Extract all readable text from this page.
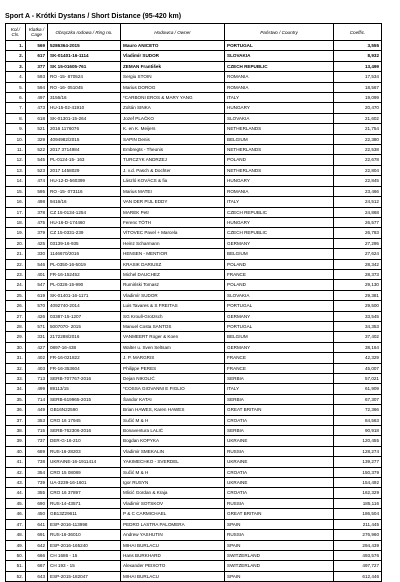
Sport A - Krótki Dystans / Short Distance (95-420 km)
Kol./ Cls.	Klatka / Cage	Obrączka rodowa / Ring no.	Hodowca / Owner	Państwo / Country	Coeffic.
1.	569	5286364-2015	Mauro ANICETO	PORTUGAL	3,555
2.	617	SK-01401-16-1114	Vladimír SUDOR	SLOVAKIA	8,932
3.	377	SK 15-01605-761	ZEMAN František	CZECH REPUBLIC	13,499
4.	593	RO -15- 870524	Sergiu STOIN	ROMANIA	17,534
5.	594	RO -16- 051045	Marius DOROG	ROMANIA	18,567
6.	497	3156/16	*CARBONI EROS & MARY YANG	ITALY	19,099
7.	473	HU-15-02-41910	Zoltán SINKA	HUNGARY	20,470
8.	618	SK-01301-15-264	Jozef PLAČKO	SLOVAKIA	21,602
9.	521	2016 1176076	K. en K. Meijers	NETHERLANDS	21,754
10.	329	4094982/2015	SAPIN Denis	BELGIUM	22,380
11.	522	2017 3714984	Embregts - Theunis	NETHERLANDS	22,538
12.	545	PL-0124-15- 163	TURCZYK ANDRZEJ	POLAND	22,678
13.	523	2017 1458029	J. v.d. Pasch & Dochter	NETHERLANDS	22,804
14.	474	HU-12-D-560399	László KOVÁCS & fia	HUNGARY	22,845
15.	595	RO -15- 073116	Marius MATEI	ROMANIA	23,466
16.	498	9416/16	VAN DER PIJL EDDY	ITALY	24,512
17.	378	CZ 15-0134-1254	MAREK Petr	CZECH REPUBLIC	24,868
18.	475	HU-16-D-174460	Ferenc TÓTH	HUNGARY	26,577
19.	379	CZ 15-0331-239	VÍTOVEC Pavel + Marcela	CZECH REPUBLIC	26,783
20.	425	03139-16-935	Heinz Scharmann	GERMANY	27,295
21.	330	1146670/2016	HENSEN - MENTIOR	BELGIUM	27,624
22.	546	PL-0350-16-5019	KRASIK DARIUSZ	POLAND	28,342
23.	401	FR-16-152452	Michel DAUCHEZ	FRANCE	28,373
24.	547	PL-0326-15-990	Rumiński Tomasz	POLAND	29,130
25.	619	SK-01401-16-1171	Vladimír SUDOR	SLOVAKIA	29,381
26.	570	4092740-2014	Luis Tavares & S FREITAS	PORTUGAL	29,500
27.	426	03387-15-1207	SG Kroull-Grotzsch	GERMANY	33,545
28.	571	5007070- 2015	Manuel Costa SANTOS	PORTUGAL	34,353
29.	331	2172288/2016	VANMEERT Roger & Koen	BELGIUM	37,402
30.	427	0897-16-438	Walter u. Sven Seltsam	GERMANY	38,164
31.	402	FR-16-021822	J. P. MARGRIS	FRANCE	42,329
32.	403	FR-16-353604	Philippe PERES	FRANCE	45,007
33.	713	SERB-707767-2016	Dejan NIKOLIĆ	SERBIA	57,021
34.	499	89113/15	*COSSA GIOVANNI E FIGLIO	ITALY	61,909
35.	714	SERB-619965-2015	Šandor KATAI	SERBIA	67,307
36.	449	GB16N22590	Brian HAWES, Karen HAWES	GREAT BRITAIN	72,366
37.	353	CRO 16 17945	Sučić M & H	CROATIA	84,563
38.	715	SERB-762306-2016	Bonaventura LALIĆ	SERBIA	90,918
39.	737	DER-G-16-210	Bogdan KOPYKA	UKRAINE	120,455
40.	689	RUS-16-28203	Vladimir SMEKALIN	RUSSIA	128,274
41.	738	UKRAINE-16-1911414	YAKIMECHKO - SVERDEL	UKRAINE	139,277
42.	354	CRO 15 08089	Sučić M & H	CROATIA	150,379
43.	739	UA-3239-16-1601	Igor RUSYN	UKRAINE	154,492
44.	355	CRO 16 37897	Mlicić Gordan & Kraja	CROATIA	162,329
45.	690	RUS-14-43571	Vladimir SOTSKOV	RUSSIA	185,116
46.	450	GB13Z29611	P & C CARMICHAEL	GREAT BRITAIN	186,504
47.	641	ESP-2016-113998	PEDRO LASTRA PALOMERA	SPAIN	211,445
48.	691	RUS-16-36010	Andrew YASHUTIN	RUSSIA	276,960
49.	642	ESP-2016-165240	MIHAI BURLACU	SPAIN	294,439
50.	666	CH 1686 - 15	Hans BURKHARD	SWITZERLAND	493,576
51.	667	CH 193 - 15	Alexander PEIXOTO	SWITZERLAND	497,727
52.	643	ESP-2015-182047	MIHAI BURLACU	SPAIN	612,446
